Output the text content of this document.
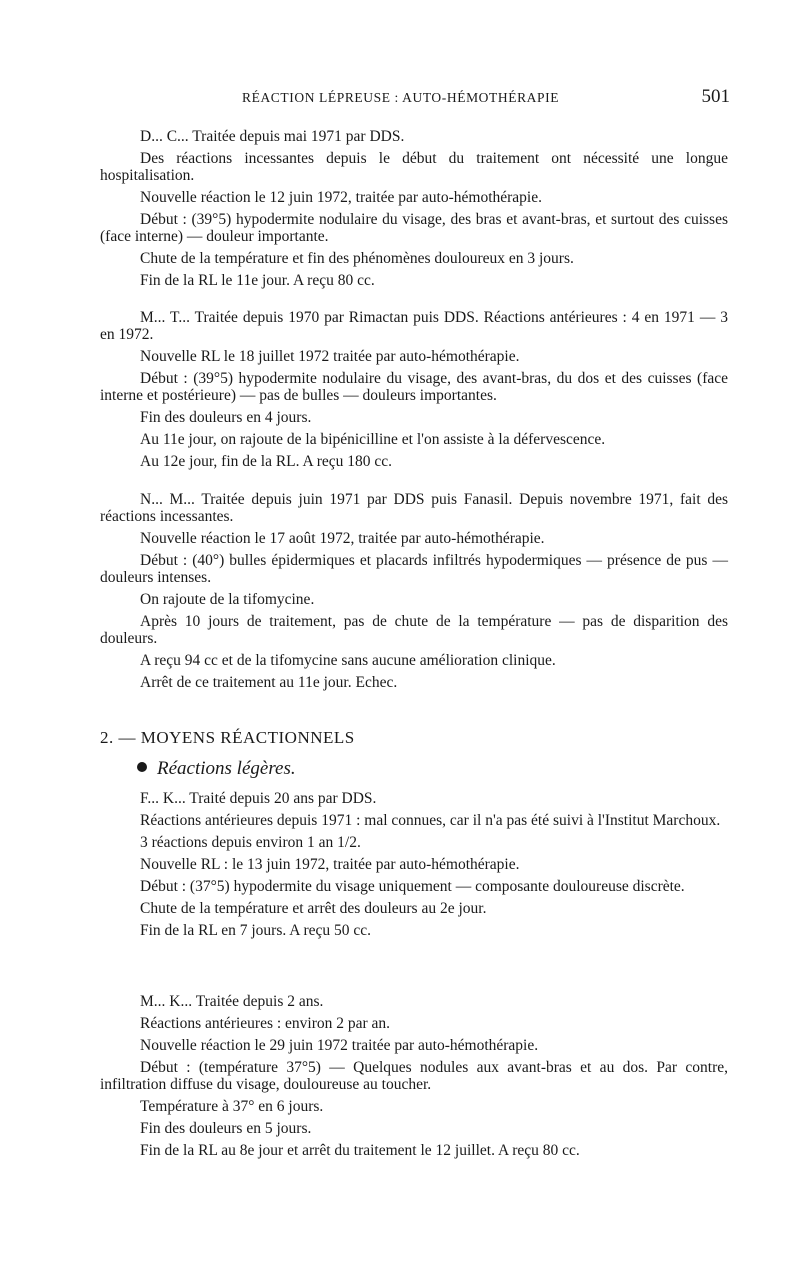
RÉACTION LÉPREUSE : AUTO-HÉMOTHÉRAPIE	501

D... C... Traitée depuis mai 1971 par DDS.

Des réactions incessantes depuis le début du traitement ont nécessité une longue hospitalisation.

Nouvelle réaction le 12 juin 1972, traitée par auto-hémothérapie.

Début : (39°5) hypodermite nodulaire du visage, des bras et avant-bras, et surtout des cuisses (face interne) — douleur importante.

Chute de la température et fin des phénomènes douloureux en 3 jours.

Fin de la RL le 11e jour. A reçu 80 cc.

M... T... Traitée depuis 1970 par Rimactan puis DDS. Réactions antérieures : 4 en 1971 — 3 en 1972.

Nouvelle RL le 18 juillet 1972 traitée par auto-hémothérapie.

Début : (39°5) hypodermite nodulaire du visage, des avant-bras, du dos et des cuisses (face interne et postérieure) — pas de bulles — douleurs importantes.

Fin des douleurs en 4 jours.

Au 11e jour, on rajoute de la bipénicilline et l'on assiste à la défervescence.

Au 12e jour, fin de la RL. A reçu 180 cc.

N... M... Traitée depuis juin 1971 par DDS puis Fanasil. Depuis novembre 1971, fait des réactions incessantes.

Nouvelle réaction le 17 août 1972, traitée par auto-hémothérapie.

Début : (40°) bulles épidermiques et placards infiltrés hypodermiques — présence de pus — douleurs intenses.

On rajoute de la tifomycine.

Après 10 jours de traitement, pas de chute de la température — pas de disparition des douleurs.

A reçu 94 cc et de la tifomycine sans aucune amélioration clinique.

Arrêt de ce traitement au 11e jour. Echec.

2. — MOYENS RÉACTIONNELS
Réactions légères.

F... K... Traité depuis 20 ans par DDS.

Réactions antérieures depuis 1971 : mal connues, car il n'a pas été suivi à l'Institut Marchoux.

3 réactions depuis environ 1 an 1/2.

Nouvelle RL : le 13 juin 1972, traitée par auto-hémothérapie.

Début : (37°5) hypodermite du visage uniquement — composante douloureuse discrète.

Chute de la température et arrêt des douleurs au 2e jour.

Fin de la RL en 7 jours. A reçu 50 cc.

M... K... Traitée depuis 2 ans.

Réactions antérieures : environ 2 par an.

Nouvelle réaction le 29 juin 1972 traitée par auto-hémothérapie.

Début : (température 37°5) — Quelques nodules aux avant-bras et au dos. Par contre, infiltration diffuse du visage, douloureuse au toucher.

Température à 37° en 6 jours.

Fin des douleurs en 5 jours.

Fin de la RL au 8e jour et arrêt du traitement le 12 juillet. A reçu 80 cc.
